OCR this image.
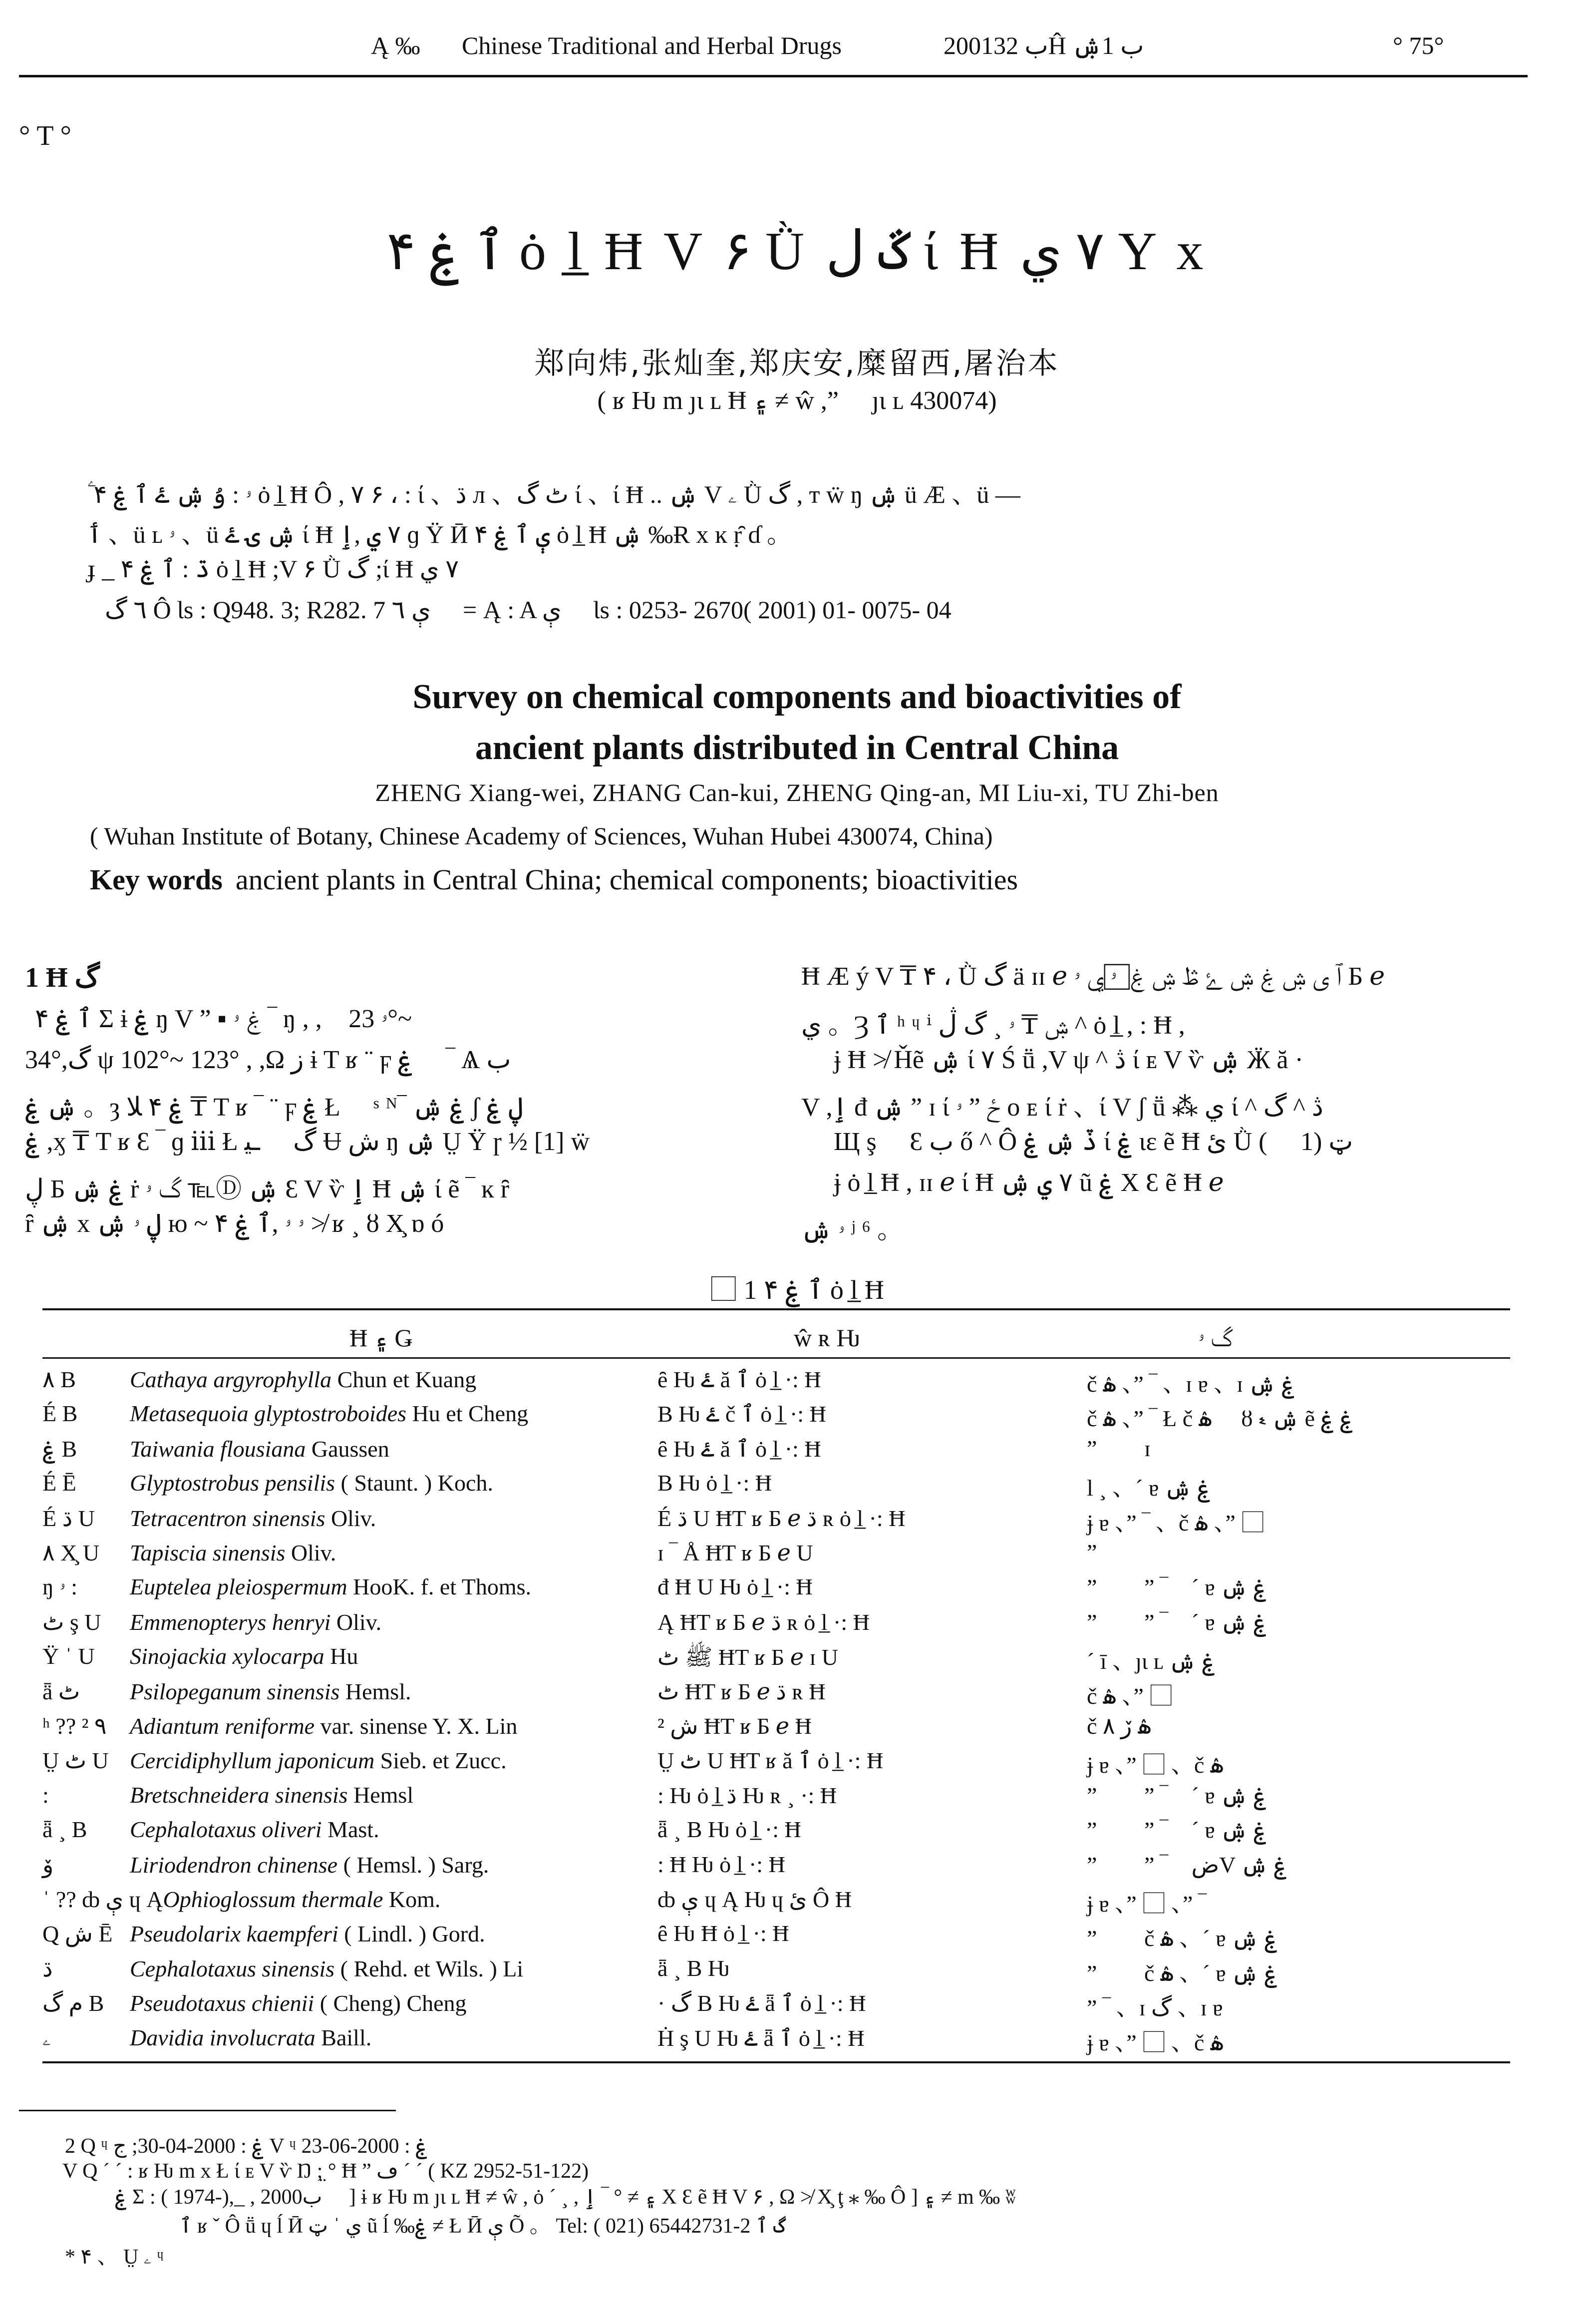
Ą ‰ Chinese Traditional and Herbal Drugs	2001ب 32Ĥ ب 1ۺ	° 75°
° T °
ٱ ۼ ۴ ȯ l̲ Ħ V ۶ Ǜ ػ ل ί Ħ ٧ ي Y x
郑向炜,张灿奎,郑庆安,糜留西,屠治本
( ʁ Ƕ m ȷɩ ʟ Ħ ۽ ≠ ŵ ,” ⃞ ȷɩ ʟ 430074)
ۧ ۥ : ۇ ۺ ۓ ٱ ۼ ۴ ȯ l̲ Ħ Ô , ٧ ۶ ، : ί 、ڌ л 、ٹ گ ί 、ί Ħ .. ۺ V ۦ Ǜ گ , т ẅ ŋ ۺ ü Æ 、ü —
ٲ 、ü ʟ ۥ 、ü ۺ ۍ ۓ ί Ħ ٧ ي ,ٳ ɡ Ÿ Ӣ ې ٱ ۼ ۴ ȯ l̲ Ħ ۺ ‰Ɍ x ĸ ṛ̑ ɗ 。
ɟ _ ڌ : ٱ ۼ ۴ ȯ l̲ Ħ ;V ۶ Ǜ گ ;ί Ħ ٧ ي
٦ گ Ô Ɩs : Q948. 3; R282. 7 ې ٦ ⃞ = Ą : A ې ⃞ Ɩs : 0253- 2670( 2001) 01- 0075- 04
Survey on chemical components and bioactivities of
ancient plants distributed in Central China
ZHENG Xiang-wei, ZHANG Can-kui, ZHENG Qing-an, MI Liu-xi, TU Zhi-ben
( Wuhan Institute of Botany, Chinese Academy of Sciences, Wuhan Hubei 430074, China)
Key words ancient plants in Central China; chemical components; bioactivities
1 Ħ گ
ٱ ۼ ۴ Σ ɨ ۼ ŋ V ” ▪ ۼ ۥ ‾ ŋ , ,⃞ ۥ 23°~
34°,گ ψ 102°~ 123° , ,Ω ز ɨ T ʁ ¨ ϝ ۼ ⃞ ‾ Ѧ ب
ۺ ۼ 。ȝ ۼ ۴ ﻼ ₸ T ʁ ‾ ¨ ϝ ۼ Ł ⃞ ˢ ᴺ‾ ۼ ۺ ʃ ڸ ۼ
ۼ ,ӽ ₸ T ʁ Ɛ ‾ ɡ ⅲ Ł گ ⃞ ـﯿ Ʉ ش ŋ ۺ Ṳ Ÿ ɼ ½ [1] ẅ
ڸ Ƃ ۼ ۺ ṙ گ ۥ ℡Ⓓ ۺ Ɛ V ѷ ٳ Ħ ۺ ί ẽ ‾ ĸ ȓ
ȓ ۺ x ڸ ۥ ۺ ю ~ ۥ ۥ ,ٱ ۼ ۴ ≯ ʁ ¸ ȣ X̧ ɒ ó
Ħ Æ ý V ₸ ۴ ، Ǜ گ ä ɪɪ 𝑒 ٱ ی ۺ ۼ ۺ ۓ ڟ ۺ ۼ ⃞ ۥ ي ۥ Б 𝑒
ي 。Ȝ ٱ ʰ ᶣ ⁱ ۺ ₸ ۥ ¸ گ ڷ ^ ȯ l̲ , : Ħ ,
ɉ Ħ ≯ Ȟẽ ۺ ί ٧ Ś ṻ ,V ψ ^ ڎ ί ᴇ V ѷ ۺ Ӝ ă ·
V ,ٳ đ ۺ ” ɪ ί ځ ” ۥ ᴏ ᴇ ί ṙ 、ί V ʃ ṻ ⁂ ي ί ^ ڎ ^ گ
Щ ş ⃞ Ɛ ب ő ^ Ô ڏ ۺ ۼ ί ۼ ɩɛ ẽ Ħ ئ Ǜ ( ⃞ 1) ټ
ɉ ȯ l̲ Ħ , ɪɪ 𝑒 ί Ħ ٧ ي ۺ ũ ۼ X Ɛ ẽ Ħ 𝑒
ۥ ۺ ʲ ⁶ 。
⃞ 1 ٱ ۼ ۴ ȯ l̲ Ħ
Ħ ۽ Ǥ	ŵ ʀ Ƕ	گ ۥ
۸ B Cathaya argyrophylla Chun et Kuang	ȇ Ƕ ۓ ă ٱ ȯ l̲ ·: Ħ	č ۿ 、” ‾ 、ɪ ɐ 、ɪ ۼ ۺ
É B Metasequoia glyptostroboides Hu et Cheng	B Ƕ ۓ č ٱ ȯ l̲ ·: Ħ	č ۿ 、” ‾ Ł č ۿ ⃞ ȣ ۺ ޑ ẽ ۼ ۼ
ۼ B Taiwania flousiana Gaussen	ȇ Ƕ ۓ ă ٱ ȯ l̲ ·: Ħ	” ⃞ 、ɪ
É Ē Glyptostrobus pensilis ( Staunt. ) Koch.	B Ƕ ȯ l̲ ·: Ħ	l ¸ 、ˊ ɐ ۼ ۺ
É ڌ U Tetracentron sinensis Oliv.	É ڌ U ĦΤ ʁ Ƃ 𝑒 ڌ ʀ ȯ l̲ ·: Ħ	ɉ ɐ 、” ‾ 、č ۿ 、” ⃞
۸ X̧ U Tapiscia sinensis Oliv.	ɪ ‾ Å ĦT ʁ Ƃ 𝑒 U	” ⃞
ŋ ۥ : Euptelea pleiospermum HooK. f. et Thoms.	đ Ħ U Ƕ ȯ l̲ ·: Ħ	” ⃞ 、” ‾ 、ˊ ɐ ۼ ۺ
ٹ ş U Emmenopterys henryi Oliv.	Ą ĦT ʁ Ƃ 𝑒 ڌ ʀ ȯ l̲ ·: Ħ	” ⃞ 、” ‾ 、ˊ ɐ ۼ ۺ
Ÿ ˈ U Sinojackia xylocarpa Hu	ﷺ ٹ ĦT ʁ Ƃ 𝑒 ɪ U	ˊ ī 、ȷɩ ʟ ۼ ۺ
ǟ ٹ Psilopeganum sinensis Hemsl.	ٹ ĦT ʁ Ƃ 𝑒 ڌ ʀ Ħ	č ۿ 、” ⃞
ʰ ?? ² ٩ Adiantum reniforme var. sinense Y. X. Lin	² ش ĦT ʁ Ƃ 𝑒 Ħ	č ۿ ڒ ٨
Ṳ ٹ U Cercidiphyllum japonicum Sieb. et Zucc.	Ṳ ٹ U ĦT ʁ ă ٱ ȯ l̲ ·: Ħ	ɉ ɐ 、” ⃞ 、č ۿ
:	Bretschneidera sinensis Hemsl	: Ƕ ȯ l̲ ڌ Ƕ ʀ ¸ ·: Ħ	” ⃞ 、” ‾ 、ˊ ɐ ۼ ۺ
ǟ ¸ B Cephalotaxus oliveri Mast.	ǟ ¸ B Ƕ ȯ l̲ ·: Ħ	” ⃞ 、” ‾ 、ˊ ɐ ۼ ۺ
ۆ	Liriodendron chinense ( Hemsl. ) Sarg.	: Ħ Ƕ ȯ l̲ ·: Ħ	” ⃞ 、” ‾ 、ضV ۼ ۺ
ˈ ?? ȸ ې ɥ ĄOphioglossum thermale Kom.	ȸ ې ɥ Ą Ƕ ɥ ئ Ô Ħ	ɉ ɐ 、” ⃞ 、” ‾
Q ش Ē Pseudolarix kaempferi ( Lindl. ) Gord.	ȇ Ƕ Ħ ȯ l̲ ·: Ħ	” ⃞ 、č ۿ 、ˊ ɐ ۼ ۺ
ڌ	Cephalotaxus sinensis ( Rehd. et Wils. ) Li	ǟ ¸ B Ƕ	” ⃞ 、č ۿ 、ˊ ɐ ۼ ۺ
م گ B Pseudotaxus chienii ( Cheng) Cheng	· گ B Ƕ ۓ ǟ ٱ ȯ l̲ ·: Ħ	” ‾ 、ɪ گ 、ɪ ɐ
ۦ	Davidia involucrata Baill.	Ḣ ş U Ƕ ۓ ǟ ٱ ȯ l̲ ·: Ħ	ɉ ɐ 、” ⃞ 、č ۿ
2 Q ᶣ ۼ : 2000-04-30; ج V ᶣ ۼ : 2000-06-23
V Q ˊ ˊ : ʁ Ƕ m x Ł ί ᴇ V ѷ Ŋ ;̤ ° Ħ ” ڡ ˊ ˊ ( KZ 2952-51-122)
ۼ Σ : ( 1974-),_ , 2000ب ⃞ ] ɨ ʁ Ƕ m ȷɩ ʟ Ħ ≠ ŵ , ȯ ˊ ¸ , ۽ ≠ ° ‾ ٳ X Ɛ ẽ Ħ V ۶ , Ω ≯ X̧ ţ ⁎ ‰ Ô ] ۽ ≠ m ‰ ʬ
ٱ ʁ ˇ Ô ṻ ɥ ĺ Ӣ ي ˈ ټ ũ ĺ ‰ۼ ≠ Ł Ӣ ې Õ 。 Tel: ( 021) 65442731-2 گ ٱ
* ۴ 、 Ṳ ۦ ᶣ
